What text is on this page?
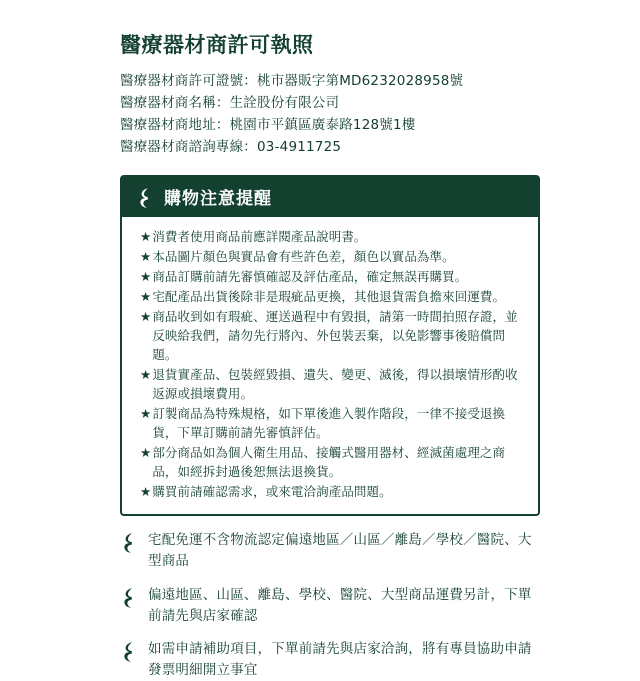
醫療器材商許可執照
醫療器材商許可證號：桃市器販字第MD6232028958號
醫療器材商名稱：生詮股份有限公司
醫療器材商地址：桃園市平鎮區廣泰路128號1樓
醫療器材商諮詢專線：03-4911725
購物注意提醒
★ 消費者使用商品前應詳閱產品說明書。
★ 本品圖片顏色與實品會有些許色差，顏色以實品為準。
★ 商品訂購前請先審慎確認及評估產品，確定無誤再購買。
★ 宅配產品出貨後除非是瑕疵品更換，其他退貨需負擔來回運費。
★ 商品收到如有瑕疵、運送過程中有毀損，請第一時間拍照存證，並反映給我們，請勿先行將內、外包裝丟棄，以免影響事後賠償問題。
★ 退貨實產品、包裝經毀損、遺失、變更、滅後，得以損壞情形酌收返源或損壞費用。
★ 訂製商品為特殊規格，如下單後進入製作階段，一律不接受退換貨，下單訂購前請先審慎評估。
★ 部分商品如為個人衛生用品、接觸式醫用器材、經滅菌處理之商品，如經拆封過後恕無法退換貨。
★ 購買前請確認需求，或來電洽詢產品問題。
宅配免運不含物流認定偏遠地區／山區／離島／學校／醫院、大型商品
偏遠地區、山區、離島、學校、醫院、大型商品運費另計，下單前請先與店家確認
如需申請補助項目，下單前請先與店家洽詢，將有專員協助申請發票明細開立事宜
